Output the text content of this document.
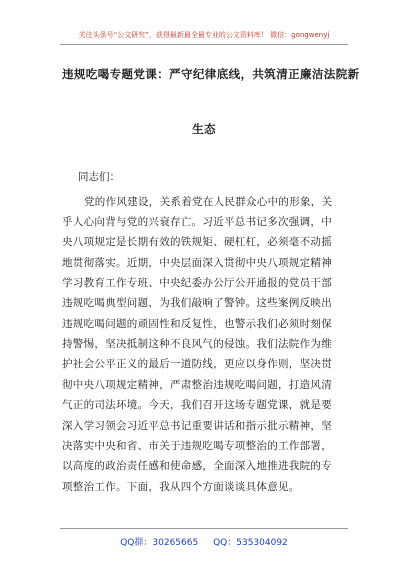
关注头条号“公文研究”，获得最新最全最专业的公文资料库！ 微信：gongwenyj
违规吃喝专题党课：严守纪律底线，共筑清正廉洁法院新
生态
同志们：
党的作风建设，关系着党在人民群众心中的形象，关
乎人心向背与党的兴衰存亡。习近平总书记多次强调，中
央八项规定是长期有效的铁规矩、硬杠杠，必须毫不动摇
地贯彻落实。近期，中央层面深入贯彻中央八项规定精神
学习教育工作专班、中央纪委办公厅公开通报的党员干部
违规吃喝典型问题，为我们敲响了警钟。这些案例反映出
违规吃喝问题的顽固性和反复性，也警示我们必须时刻保
持警惕，坚决抵制这种不良风气的侵蚀。我们法院作为维
护社会公平正义的最后一道防线，更应以身作则，坚决贯
彻中央八项规定精神，严肃整治违规吃喝问题，打造风清
气正的司法环境。今天，我们召开这场专题党课，就是要
深入学习领会习近平总书记重要讲话和指示批示精神，坚
决落实中央和省、市关于违规吃喝专项整治的工作部署，
以高度的政治责任感和使命感，全面深入地推进我院的专
项整治工作。下面，我从四个方面谈谈具体意见。
QQ群：30265665 QQ：535304092
